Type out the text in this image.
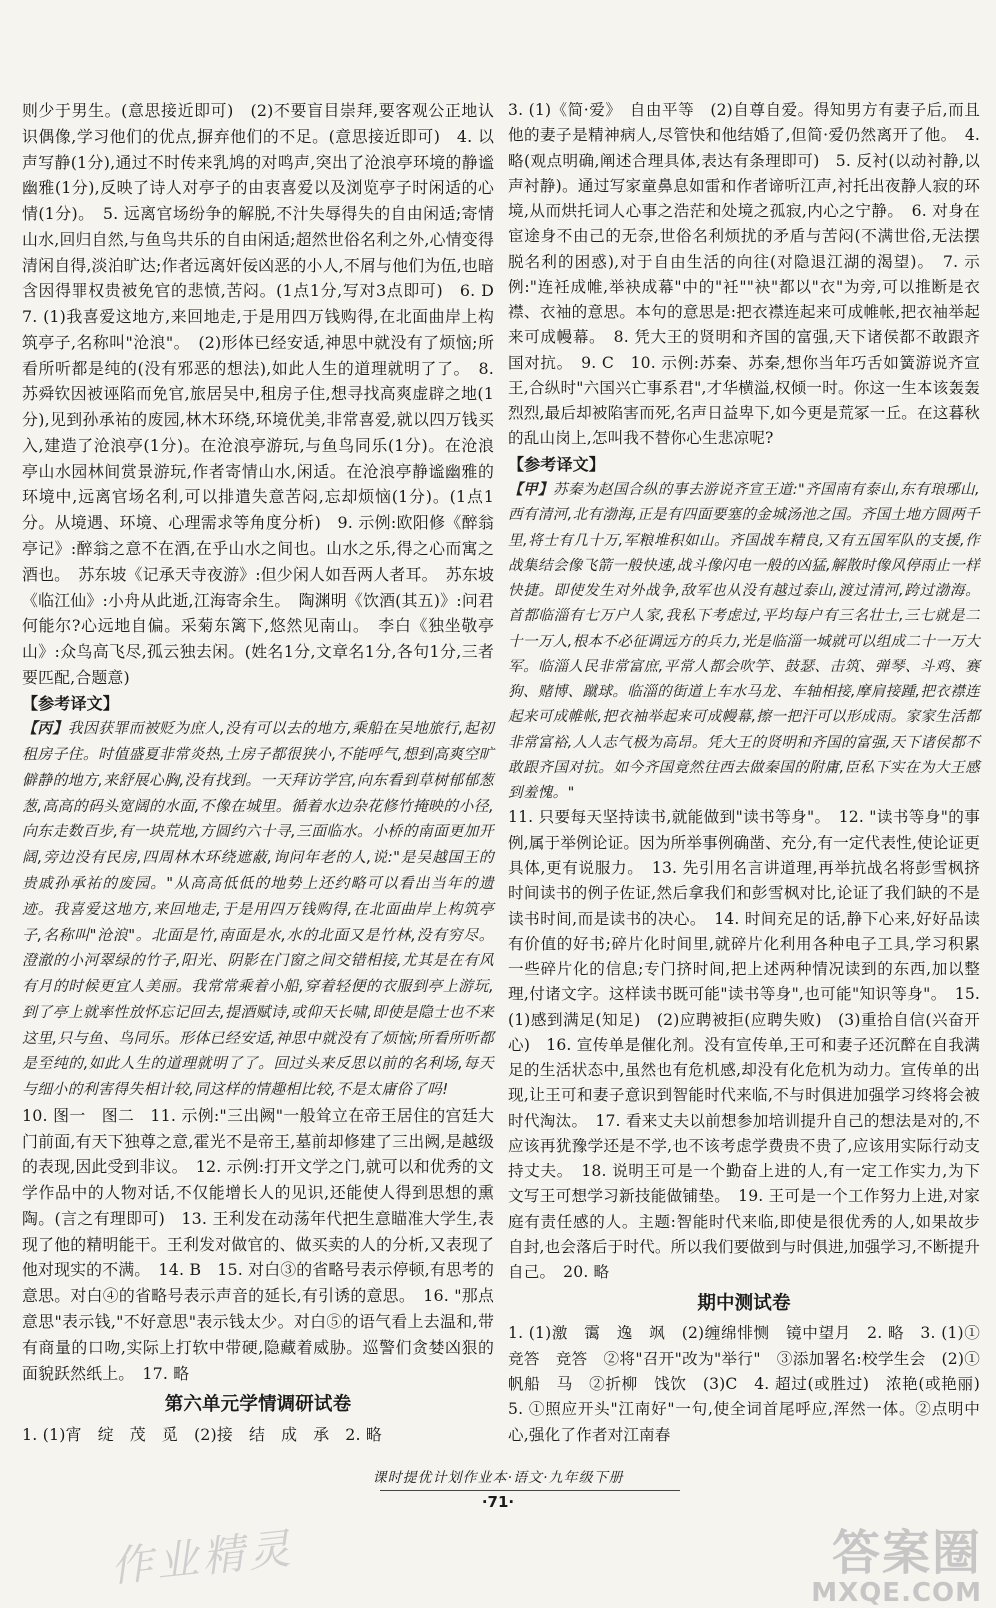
则少于男生。(意思接近即可)　(2)不要盲目崇拜,要客观公正地认识偶像,学习他们的优点,摒弃他们的不足。(意思接近即可)　4. 以声写静(1分),通过不时传来乳鸠的对鸣声,突出了沧浪亭环境的静谧幽雅(1分),反映了诗人对亭子的由衷喜爱以及浏览亭子时闲适的心情(1分)。　5. 远离官场纷争的解脱,不汁失辱得失的自由闲适;寄情山水,回归自然,与鱼鸟共乐的自由闲适;超然世俗名利之外,心情变得清闲自得,淡泊旷达;作者远离奸佞凶恶的小人,不屑与他们为伍,也暗含因得罪权贵被免官的悲愤,苦闷。(1点1分,写对3点即可)　6. D　7. (1)我喜爱这地方,来回地走,于是用四万钱购得,在北面曲岸上构筑亭子,名称叫"沧浪"。　(2)形体已经安适,神思中就没有了烦恼;所看所听都是纯的(没有邪恶的想法),如此人生的道理就明了了。　8. 苏舜钦因被诬陷而免官,旅居吴中,租房子住,想寻找高爽虚辟之地(1分),见到孙承祐的废园,林木环绕,环境优美,非常喜爱,就以四万钱买入,建造了沧浪亭(1分)。在沧浪亭游玩,与鱼鸟同乐(1分)。在沧浪亭山水园林间赏景游玩,作者寄情山水,闲适。在沧浪亭静谧幽雅的环境中,远离官场名利,可以排遣失意苦闷,忘却烦恼(1分)。(1点1分。从境遇、环境、心理需求等角度分析)　9. 示例:欧阳修《醉翁亭记》:醉翁之意不在酒,在乎山水之间也。山水之乐,得之心而寓之酒也。　苏东坡《记承天寺夜游》:但少闲人如吾两人者耳。　苏东坡《临江仙》:小舟从此逝,江海寄余生。　陶渊明《饮酒(其五)》:问君何能尔?心远地自偏。采菊东篱下,悠然见南山。　李白《独坐敬亭山》:众鸟高飞尽,孤云独去闲。(姓名1分,文章名1分,各句1分,三者要匹配,合题意)

【参考译文】

【丙】我因获罪而被贬为庶人,没有可以去的地方,乘船在吴地旅行,起初租房子住。时值盛夏非常炎热,土房子都很狭小,不能呼气,想到高爽空旷僻静的地方,来舒展心胸,没有找到。一天拜访学宫,向东看到草树郁郁葱葱,高高的码头宽阔的水面,不像在城里。循着水边杂花修竹掩映的小径,向东走数百步,有一块荒地,方圆约六十寻,三面临水。小桥的南面更加开阔,旁边没有民房,四周林木环绕遮蔽,询问年老的人,说:"是吴越国王的贵戚孙承祐的废园。"从高高低低的地势上还约略可以看出当年的遗迹。我喜爱这地方,来回地走,于是用四万钱购得,在北面曲岸上构筑亭子,名称叫"沧浪"。北面是竹,南面是水,水的北面又是竹林,没有穷尽。澄澈的小河翠绿的竹子,阳光、阴影在门窗之间交错相接,尤其是在有风有月的时候更宜人美丽。我常常乘着小船,穿着轻便的衣服到亭上游玩,到了亭上就率性放怀忘记回去,提酒赋诗,或仰天长啸,即使是隐士也不来这里,只与鱼、鸟同乐。形体已经安适,神思中就没有了烦恼;所看所听都是至纯的,如此人生的道理就明了了。回过头来反思以前的名利场,每天与细小的利害得失相计较,同这样的情趣相比较,不是太庸俗了吗!

10. 图一　图二　11. 示例:"三出阙"一般耸立在帝王居住的宫廷大门前面,有天下独尊之意,霍光不是帝王,墓前却修建了三出阙,是越级的表现,因此受到非议。　12. 示例:打开文学之门,就可以和优秀的文学作品中的人物对话,不仅能增长人的见识,还能使人得到思想的熏陶。(言之有理即可)　13. 王利发在动荡年代把生意瞄准大学生,表现了他的精明能干。王利发对做官的、做买卖的人的分析,又表现了他对现实的不满。　14. B　15. 对白③的省略号表示停顿,有思考的意思。对白④的省略号表示声音的延长,有引诱的意思。　16. "那点意思"表示钱,"不好意思"表示钱太少。对白⑤的语气看上去温和,带有商量的口吻,实际上打软中带硬,隐藏着威胁。巡警们贪婪凶狠的面貌跃然纸上。　17. 略

第六单元学情调研试卷

1. (1)宵　绽　茂　觅　(2)接　结　成　承　2. 略

3. (1)《简·爱》　自由平等　(2)自尊自爱。得知男方有妻子后,而且他的妻子是精神病人,尽管快和他结婚了,但简·爱仍然离开了他。　4. 略(观点明确,阐述合理具体,表达有条理即可)　5. 反衬(以动衬静,以声衬静)。通过写家童鼻息如雷和作者谛听江声,衬托出夜静人寂的环境,从而烘托词人心事之浩茫和处境之孤寂,内心之宁静。　6. 对身在宦途身不由己的无奈,世俗名利烦扰的矛盾与苦闷(不满世俗,无法摆脱名利的困惑),对于自由生活的向往(对隐退江湖的渴望)。　7. 示例:"连衽成帷,举袂成幕"中的"衽""袂"都以"衣"为旁,可以推断是衣襟、衣袖的意思。本句的意思是:把衣襟连起来可成帷帐,把衣袖举起来可成幔幕。　8. 凭大王的贤明和齐国的富强,天下诸侯都不敢跟齐国对抗。　9. C　10. 示例:苏秦、苏秦,想你当年巧舌如簧游说齐宣王,合纵时"六国兴亡事系君",才华横溢,权倾一时。你这一生本该轰轰烈烈,最后却被陷害而死,名声日益卑下,如今更是荒冢一丘。在这暮秋的乱山岗上,怎叫我不替你心生悲凉呢?

【参考译文】

【甲】苏秦为赵国合纵的事去游说齐宣王道:"齐国南有泰山,东有琅琊山,西有清河,北有渤海,正是有四面要塞的金城汤池之国。齐国土地方圆两千里,将士有几十万,军粮堆积如山。齐国战车精良,又有五国军队的支援,作战集结会像飞箭一般快速,战斗像闪电一般的凶猛,解散时像风停雨止一样快捷。即使发生对外战争,敌军也从没有越过泰山,渡过清河,跨过渤海。首都临淄有七万户人家,我私下考虑过,平均每户有三名壮士,三七就是二十一万人,根本不必征调远方的兵力,光是临淄一城就可以组成二十一万大军。临淄人民非常富庶,平常人都会吹竽、鼓瑟、击筑、弹琴、斗鸡、赛狗、赌博、蹴球。临淄的街道上车水马龙、车轴相接,摩肩接踵,把衣襟连起来可成帷帐,把衣袖举起来可成幔幕,擦一把汗可以形成雨。家家生活都非常富裕,人人志气极为高昂。凭大王的贤明和齐国的富强,天下诸侯都不敢跟齐国对抗。如今齐国竟然往西去做秦国的附庸,臣私下实在为大王感到羞愧。"

11. 只要每天坚持读书,就能做到"读书等身"。　12. "读书等身"的事例,属于举例论证。因为所举事例确凿、充分,有一定代表性,使论证更具体,更有说服力。　13. 先引用名言讲道理,再举抗战名将彭雪枫挤时间读书的例子佐证,然后拿我们和彭雪枫对比,论证了我们缺的不是读书时间,而是读书的决心。　14. 时间充足的话,静下心来,好好品读有价值的好书;碎片化时间里,就碎片化利用各种电子工具,学习积累一些碎片化的信息;专门挤时间,把上述两种情况读到的东西,加以整理,付诸文字。这样读书既可能"读书等身",也可能"知识等身"。　15. (1)感到满足(知足)　(2)应聘被拒(应聘失败)　(3)重拾自信(兴奋开心)　16. 宣传单是催化剂。没有宣传单,王可和妻子还沉醉在自我满足的生活状态中,虽然也有危机感,却没有化危机为动力。宣传单的出现,让王可和妻子意识到智能时代来临,不与时俱进加强学习终将会被时代淘汰。　17. 看来丈夫以前想参加培训提升自己的想法是对的,不应该再犹豫学还是不学,也不该考虑学费贵不贵了,应该用实际行动支持丈夫。　18. 说明王可是一个勤奋上进的人,有一定工作实力,为下文写王可想学习新技能做铺垫。　19. 王可是一个工作努力上进,对家庭有责任感的人。主题:智能时代来临,即使是很优秀的人,如果故步自封,也会落后于时代。所以我们要做到与时俱进,加强学习,不断提升自己。　20. 略

期中测试卷

1. (1)激　霭　逸　飒　(2)缠绵悱恻　镜中望月　2. 略　3. (1)①竞答　竞答　②将"召开"改为"举行"　③添加署名:校学生会　(2)①帆船　马　②折柳　饯饮　(3)C　4. 超过(或胜过)　浓艳(或艳丽)　5. ①照应开头"江南好"一句,使全词首尾呼应,浑然一体。②点明中心,强化了作者对江南春

课时提优计划作业本·语文·九年级下册
·71·
作业精灵	答案圈
MXQE.COM
